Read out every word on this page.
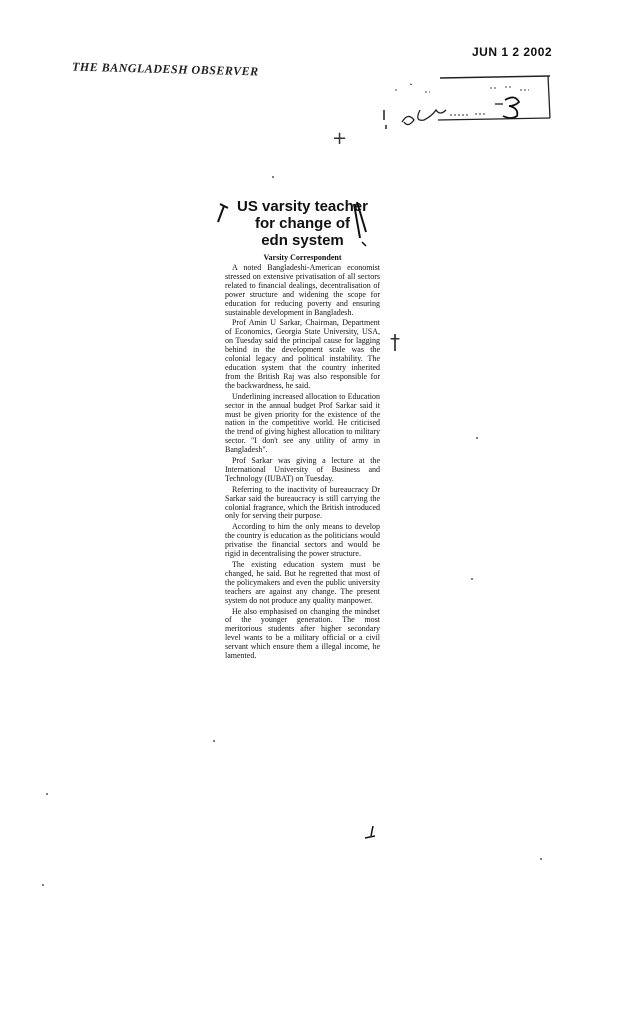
THE BANGLADESH OBSERVER
JUN 1 2 2002
+
†
US varsity teacher
for change of
edn system
Varsity Correspondent

A noted Bangladeshi-American economist stressed on extensive privatisation of all sectors related to financial dealings, decentralisation of power structure and widening the scope for education for reducing poverty and ensuring sustainable development in Bangladesh.

Prof Amin U Sarkar, Chairman, Department of Economics, Georgia State University, USA, on Tuesday said the principal cause for lagging behind in the development scale was the colonial legacy and political instability. The education system that the country inherited from the British Raj was also responsible for the backwardness, he said.

Underlining increased allocation to Education sector in the annual budget Prof Sarkar said it must be given priority for the existence of the nation in the competitive world. He criticised the trend of giving highest allocation to military sector. "I don't see any utility of army in Bangladesh".

Prof Sarkar was giving a lecture at the International University of Business and Technology (IUBAT) on Tuesday.

Referring to the inactivity of bureaucracy Dr Sarkar said the bureaucracy is still carrying the colonial fragrance, which the British introduced only for serving their purpose.

According to him the only means to develop the country is education as the politicians would privatise the financial sectors and would be rigid in decentralising the power structure.

The existing education system must be changed, he said. But he regretted that most of the policymakers and even the public university teachers are against any change. The present system do not produce any quality manpower.

He also emphasised on changing the mindset of the younger generation. The most meritorious students after higher secondary level wants to be a military official or a civil servant which ensure them a illegal income, he lamented.
